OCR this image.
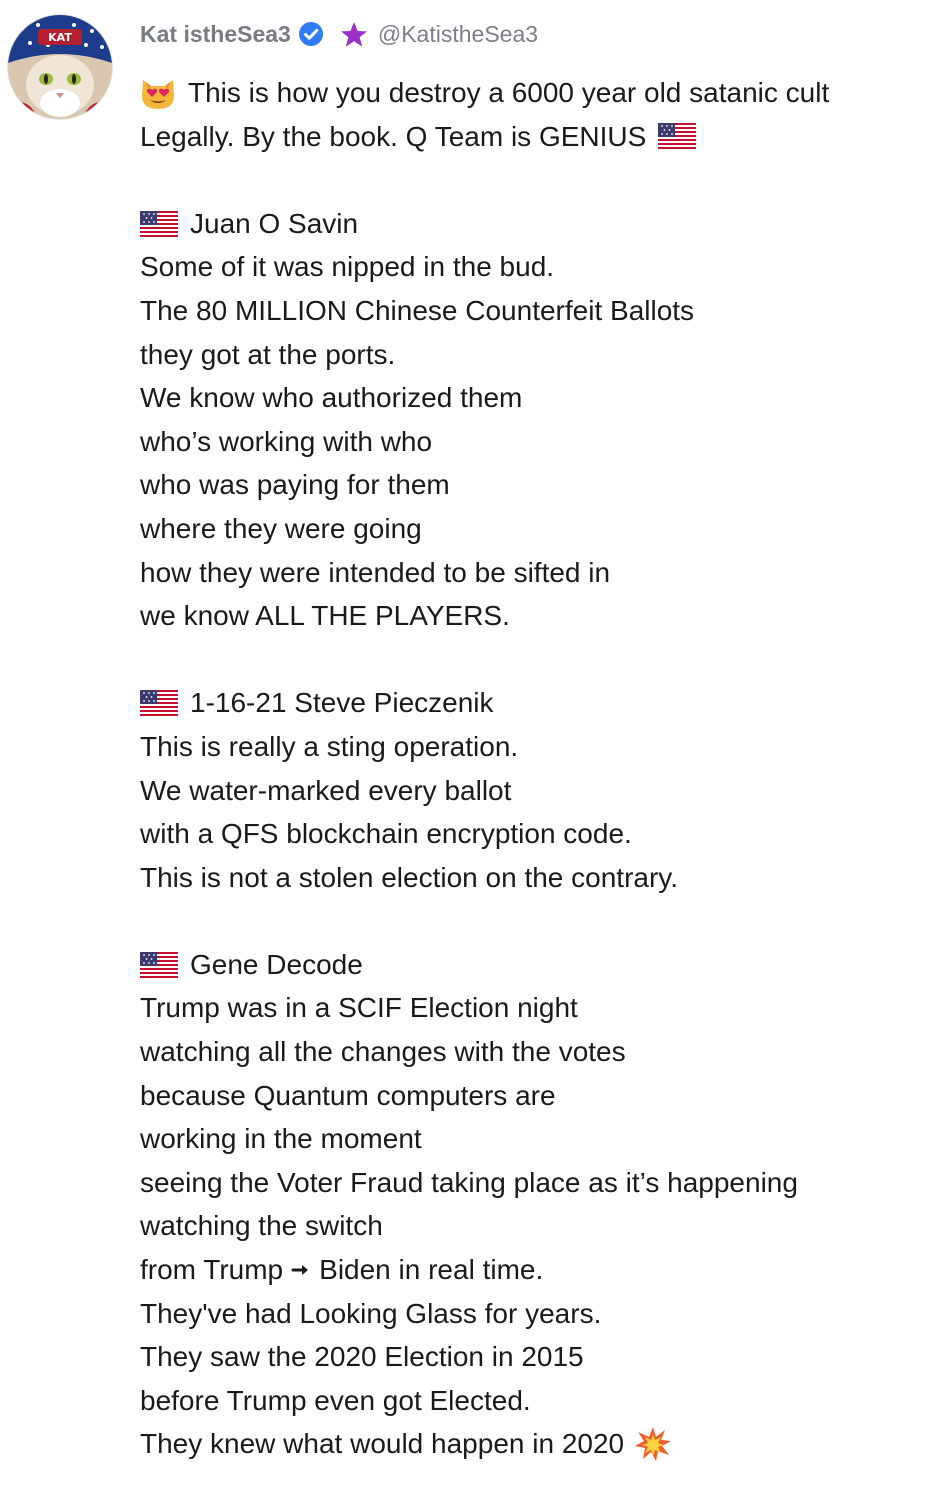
KAT	Kat istheSea3	@KatistheSea3
This is how you destroy a 6000 year old satanic cult
Legally. By the book. Q Team is GENIUS
Juan O Savin
Some of it was nipped in the bud.
The 80 MILLION Chinese Counterfeit Ballots
they got at the ports.
We know who authorized them
who’s working with who
who was paying for them
where they were going
how they were intended to be sifted in
we know ALL THE PLAYERS.
1-16-21 Steve Pieczenik
This is really a sting operation.
We water-marked every ballot
with a QFS blockchain encryption code.
This is not a stolen election on the contrary.
Gene Decode
Trump was in a SCIF Election night
watching all the changes with the votes
because Quantum computers are
working in the moment
seeing the Voter Fraud taking place as it’s happening
watching the switch
from Trump Biden in real time.
They've had Looking Glass for years.
They saw the 2020 Election in 2015
before Trump even got Elected.
They knew what would happen in 2020
